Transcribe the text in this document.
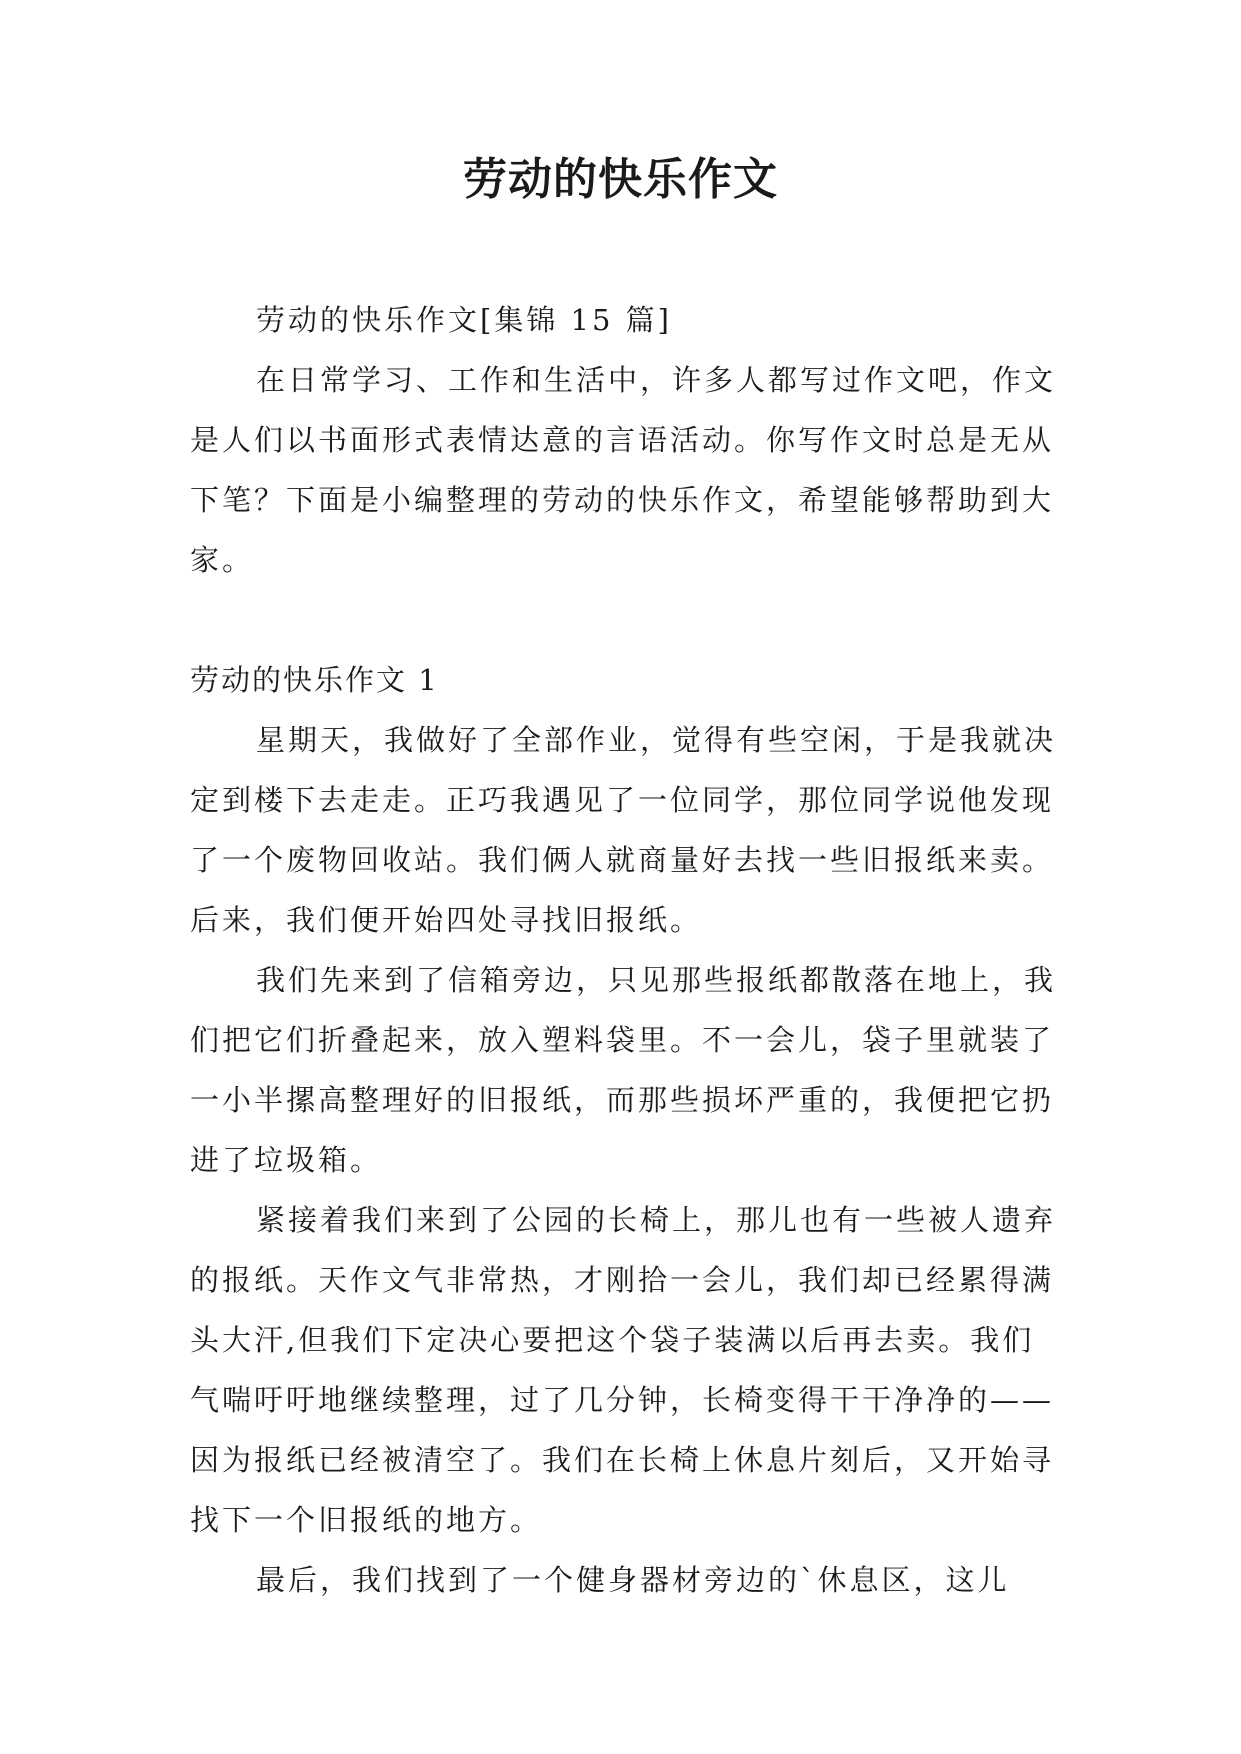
劳动的快乐作文

劳动的快乐作文[集锦 15 篇]

在日常学习、工作和生活中，许多人都写过作文吧，作文是人们以书面形式表情达意的言语活动。你写作文时总是无从下笔？下面是小编整理的劳动的快乐作文，希望能够帮助到大家。

劳动的快乐作文 1

星期天，我做好了全部作业，觉得有些空闲，于是我就决定到楼下去走走。正巧我遇见了一位同学，那位同学说他发现了一个废物回收站。我们俩人就商量好去找一些旧报纸来卖。后来，我们便开始四处寻找旧报纸。

我们先来到了信箱旁边，只见那些报纸都散落在地上，我们把它们折叠起来，放入塑料袋里。不一会儿，袋子里就装了一小半摞高整理好的旧报纸，而那些损坏严重的，我便把它扔进了垃圾箱。

紧接着我们来到了公园的长椅上，那儿也有一些被人遗弃的报纸。天作文气非常热，才刚拾一会儿，我们却已经累得满头大汗,但我们下定决心要把这个袋子装满以后再去卖。我们气喘吁吁地继续整理，过了几分钟，长椅变得干干净净的——因为报纸已经被清空了。我们在长椅上休息片刻后，又开始寻找下一个旧报纸的地方。

最后，我们找到了一个健身器材旁边的`休息区，这儿
